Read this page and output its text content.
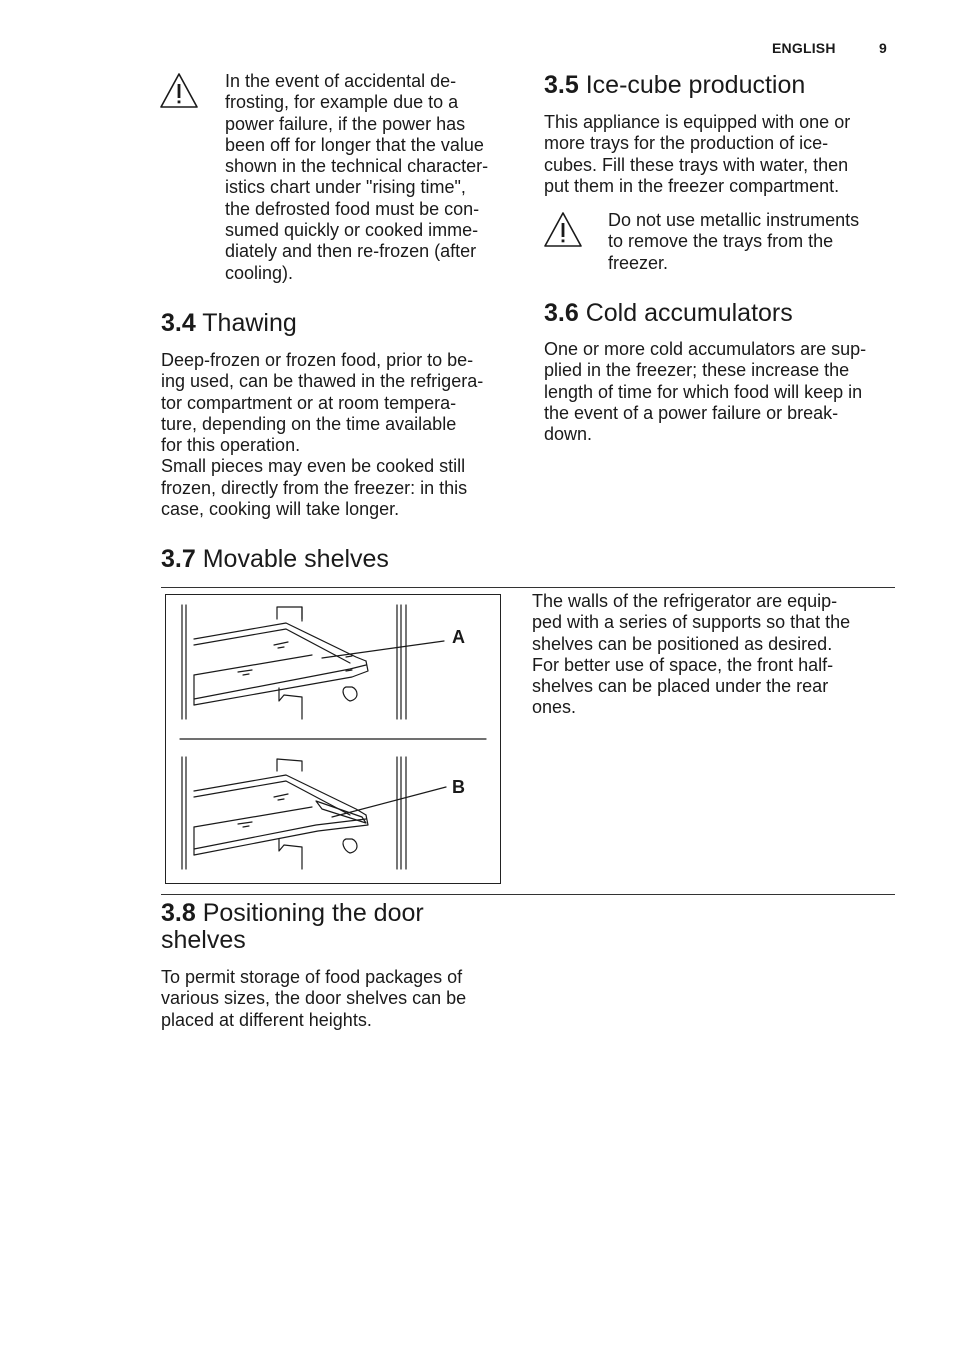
ENGLISH	9
In the event of accidental de-
frosting, for example due to a
power failure, if the power has
been off for longer that the value
shown in the technical character-
istics chart under "rising time",
the defrosted food must be con-
sumed quickly or cooked imme-
diately and then re-frozen (after
cooling).
3.4 Thawing
Deep-frozen or frozen food, prior to be-
ing used, can be thawed in the refrigera-
tor compartment or at room tempera-
ture, depending on the time available
for this operation.
Small pieces may even be cooked still
frozen, directly from the freezer: in this
case, cooking will take longer.
3.5 Ice-cube production
This appliance is equipped with one or
more trays for the production of ice-
cubes. Fill these trays with water, then
put them in the freezer compartment.
Do not use metallic instruments
to remove the trays from the
freezer.
3.6 Cold accumulators
One or more cold accumulators are sup-
plied in the freezer; these increase the
length of time for which food will keep in
the event of a power failure or break-
down.
3.7 Movable shelves
A
B
The walls of the refrigerator are equip-
ped with a series of supports so that the
shelves can be positioned as desired.
For better use of space, the front half-
shelves can be placed under the rear
ones.
3.8 Positioning the door
shelves
To permit storage of food packages of
various sizes, the door shelves can be
placed at different heights.
